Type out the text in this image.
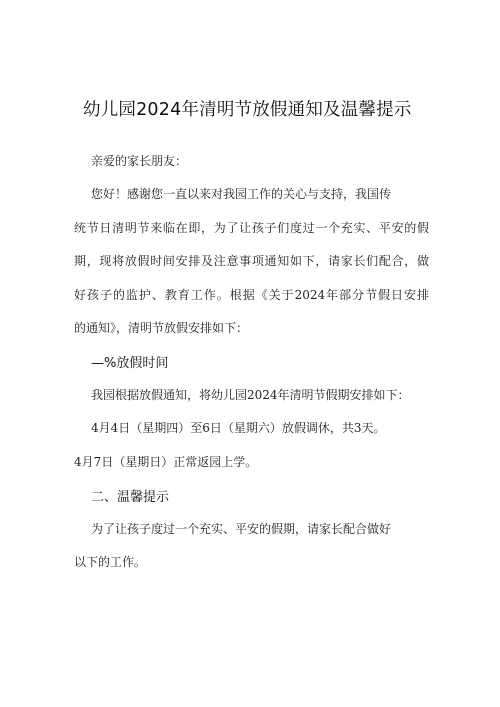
幼儿园2024年清明节放假通知及温馨提示
亲爱的家长朋友：
您好！感谢您一直以来对我园工作的关心与支持，我国传
统节日清明节来临在即，为了让孩子们度过一个充实、平安的假
期，现将放假时间安排及注意事项通知如下，请家长们配合，做
好孩子的监护、教育工作。根据《关于2024年部分节假日安排
的通知》，清明节放假安排如下：
—%放假时间
我园根据放假通知，将幼儿园2024年清明节假期安排如下：
4月4日（星期四）至6日（星期六）放假调休，共3天。
4月7日（星期日）正常返园上学。
二、温馨提示
为了让孩子度过一个充实、平安的假期，请家长配合做好
以下的工作。
